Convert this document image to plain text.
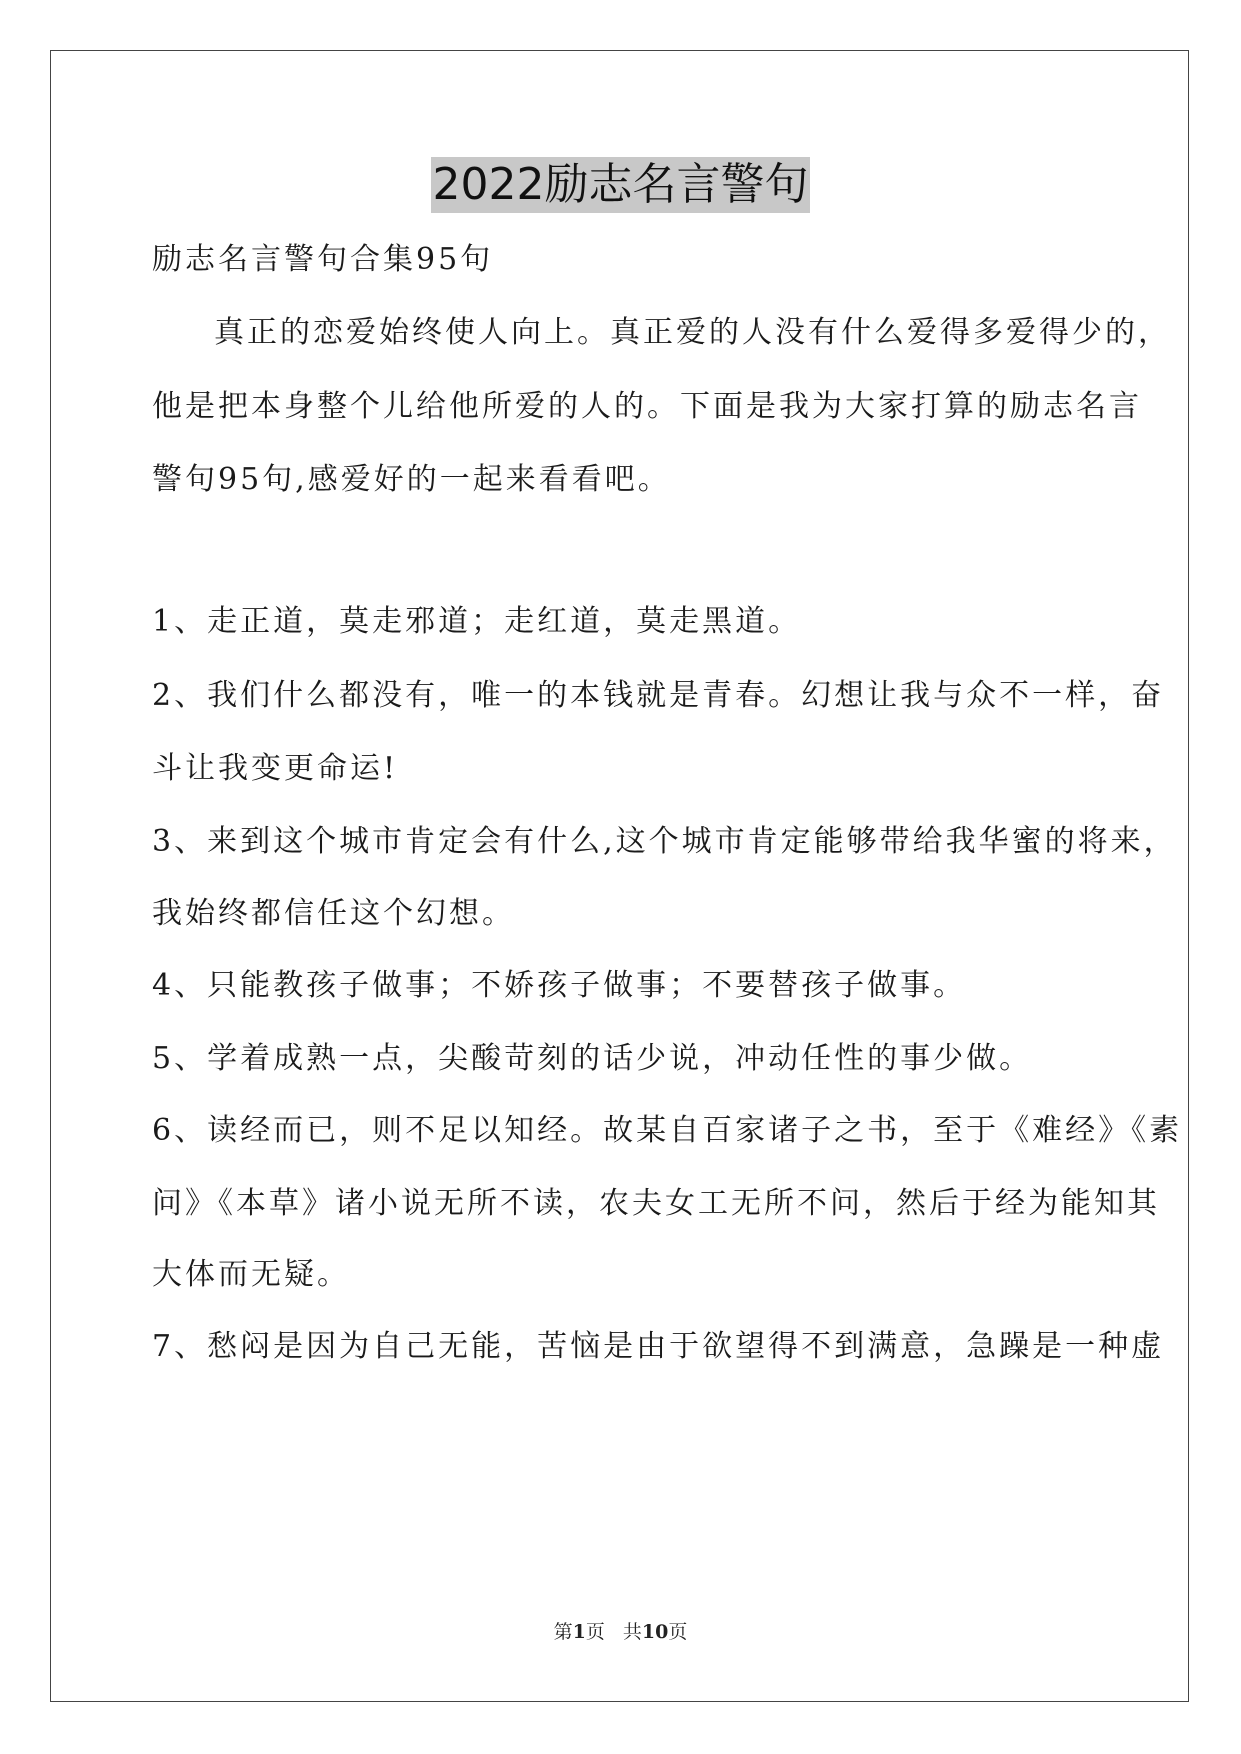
2022励志名言警句
励志名言警句合集95句
真正的恋爱始终使人向上。真正爱的人没有什么爱得多爱得少的，
他是把本身整个儿给他所爱的人的。下面是我为大家打算的励志名言
警句95句,感爱好的一起来看看吧。
1、走正道，莫走邪道；走红道，莫走黑道。
2、我们什么都没有，唯一的本钱就是青春。幻想让我与众不一样，奋
斗让我变更命运!
3、来到这个城市肯定会有什么,这个城市肯定能够带给我华蜜的将来，
我始终都信任这个幻想。
4、只能教孩子做事；不娇孩子做事；不要替孩子做事。
5、学着成熟一点，尖酸苛刻的话少说，冲动任性的事少做。
6、读经而已，则不足以知经。故某自百家诸子之书，至于《难经》《素
问》《本草》诸小说无所不读，农夫女工无所不问，然后于经为能知其
大体而无疑。
7、愁闷是因为自己无能，苦恼是由于欲望得不到满意，急躁是一种虚
第1页 共10页
